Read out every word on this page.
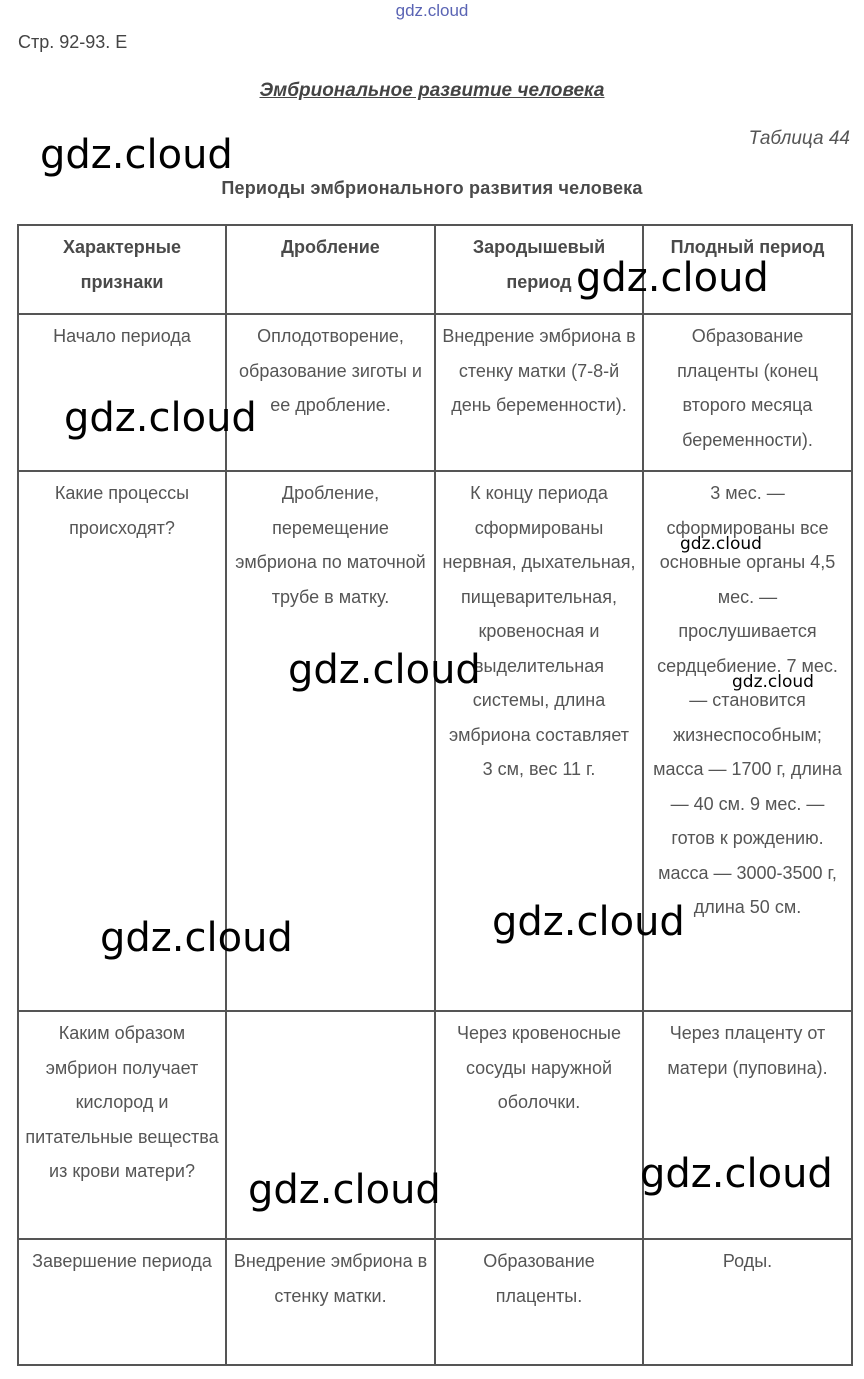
gdz.cloud
Стр. 92-93. E
Эмбриональное развитие человека
Таблица 44
Периоды эмбрионального развития человека
Характерные признаки	Дробление	Зародышевый период	Плодный период
Начало периода	Оплодотворение, образование зиготы и ее дробление.	Внедрение эмбриона в стенку матки (7-8-й день беременности).	Образование плаценты (конец второго месяца беременности).
Какие процессы происходят?	Дробление, перемещение эмбриона по маточной трубе в матку.	К концу периода сформированы нервная, дыхательная, пищеварительная, кровеносная и выделительная системы, длина эмбриона составляет 3 см, вес 11 г.	3 мес. — сформированы все основные органы 4,5 мес. — прослушивается сердцебиение. 7 мес. — становится жизнеспособным; масса — 1700 г, длина — 40 см. 9 мес. — готов к рождению. масса — 3000-3500 г, длина 50 см.
Каким образом эмбрион получает кислород и питательные вещества из крови матери?		Через кровеносные сосуды наружной оболочки.	Через плаценту от матери (пуповина).
Завершение периода	Внедрение эмбриона в стенку матки.	Образование плаценты.	Роды.
gdz.cloud
gdz.cloud
gdz.cloud
gdz.cloud
gdz.cloud	gdz.cloud
gdz.cloud
gdz.cloud
gdz.cloud	gdz.cloud
